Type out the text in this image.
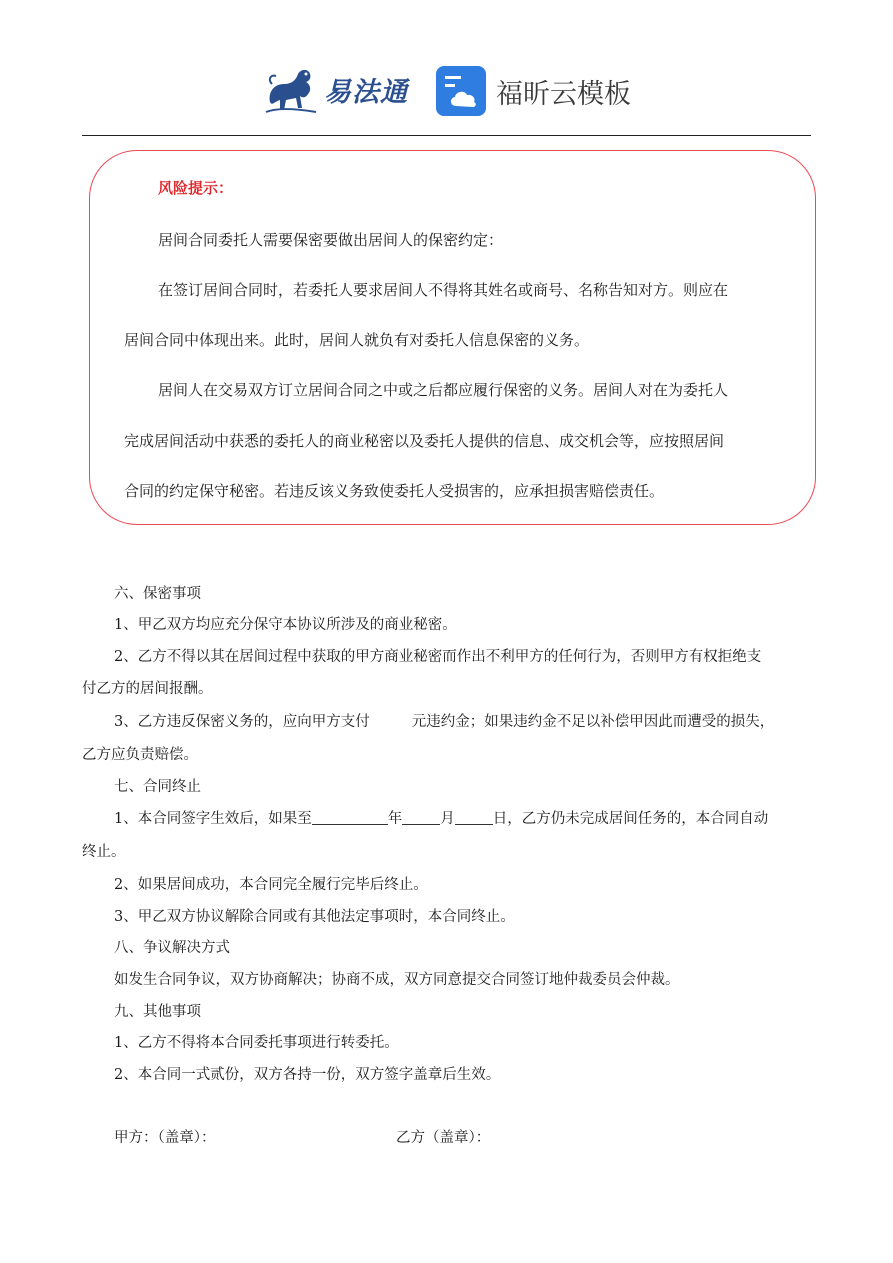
易法通	福昕云模板
风险提示：
居间合同委托人需要保密要做出居间人的保密约定：
在签订居间合同时，若委托人要求居间人不得将其姓名或商号、名称告知对方。则应在
居间合同中体现出来。此时，居间人就负有对委托人信息保密的义务。
居间人在交易双方订立居间合同之中或之后都应履行保密的义务。居间人对在为委托人
完成居间活动中获悉的委托人的商业秘密以及委托人提供的信息、成交机会等，应按照居间
合同的约定保守秘密。若违反该义务致使委托人受损害的，应承担损害赔偿责任。
六、保密事项
1、甲乙双方均应充分保守本协议所涉及的商业秘密。
2、乙方不得以其在居间过程中获取的甲方商业秘密而作出不利甲方的任何行为，否则甲方有权拒绝支
付乙方的居间报酬。
3、乙方违反保密义务的，应向甲方支付	元违约金；如果违约金不足以补偿甲因此而遭受的损失，
乙方应负责赔偿。
七、合同终止
1、本合同签字生效后，如果至	年	月	日，乙方仍未完成居间任务的，本合同自动
终止。
2、如果居间成功，本合同完全履行完毕后终止。
3、甲乙双方协议解除合同或有其他法定事项时，本合同终止。
八、争议解决方式
如发生合同争议，双方协商解决；协商不成，双方同意提交合同签订地仲裁委员会仲裁。
九、其他事项
1、乙方不得将本合同委托事项进行转委托。
2、本合同一式贰份，双方各持一份，双方签字盖章后生效。
甲方：（盖章）：	乙方（盖章）：
